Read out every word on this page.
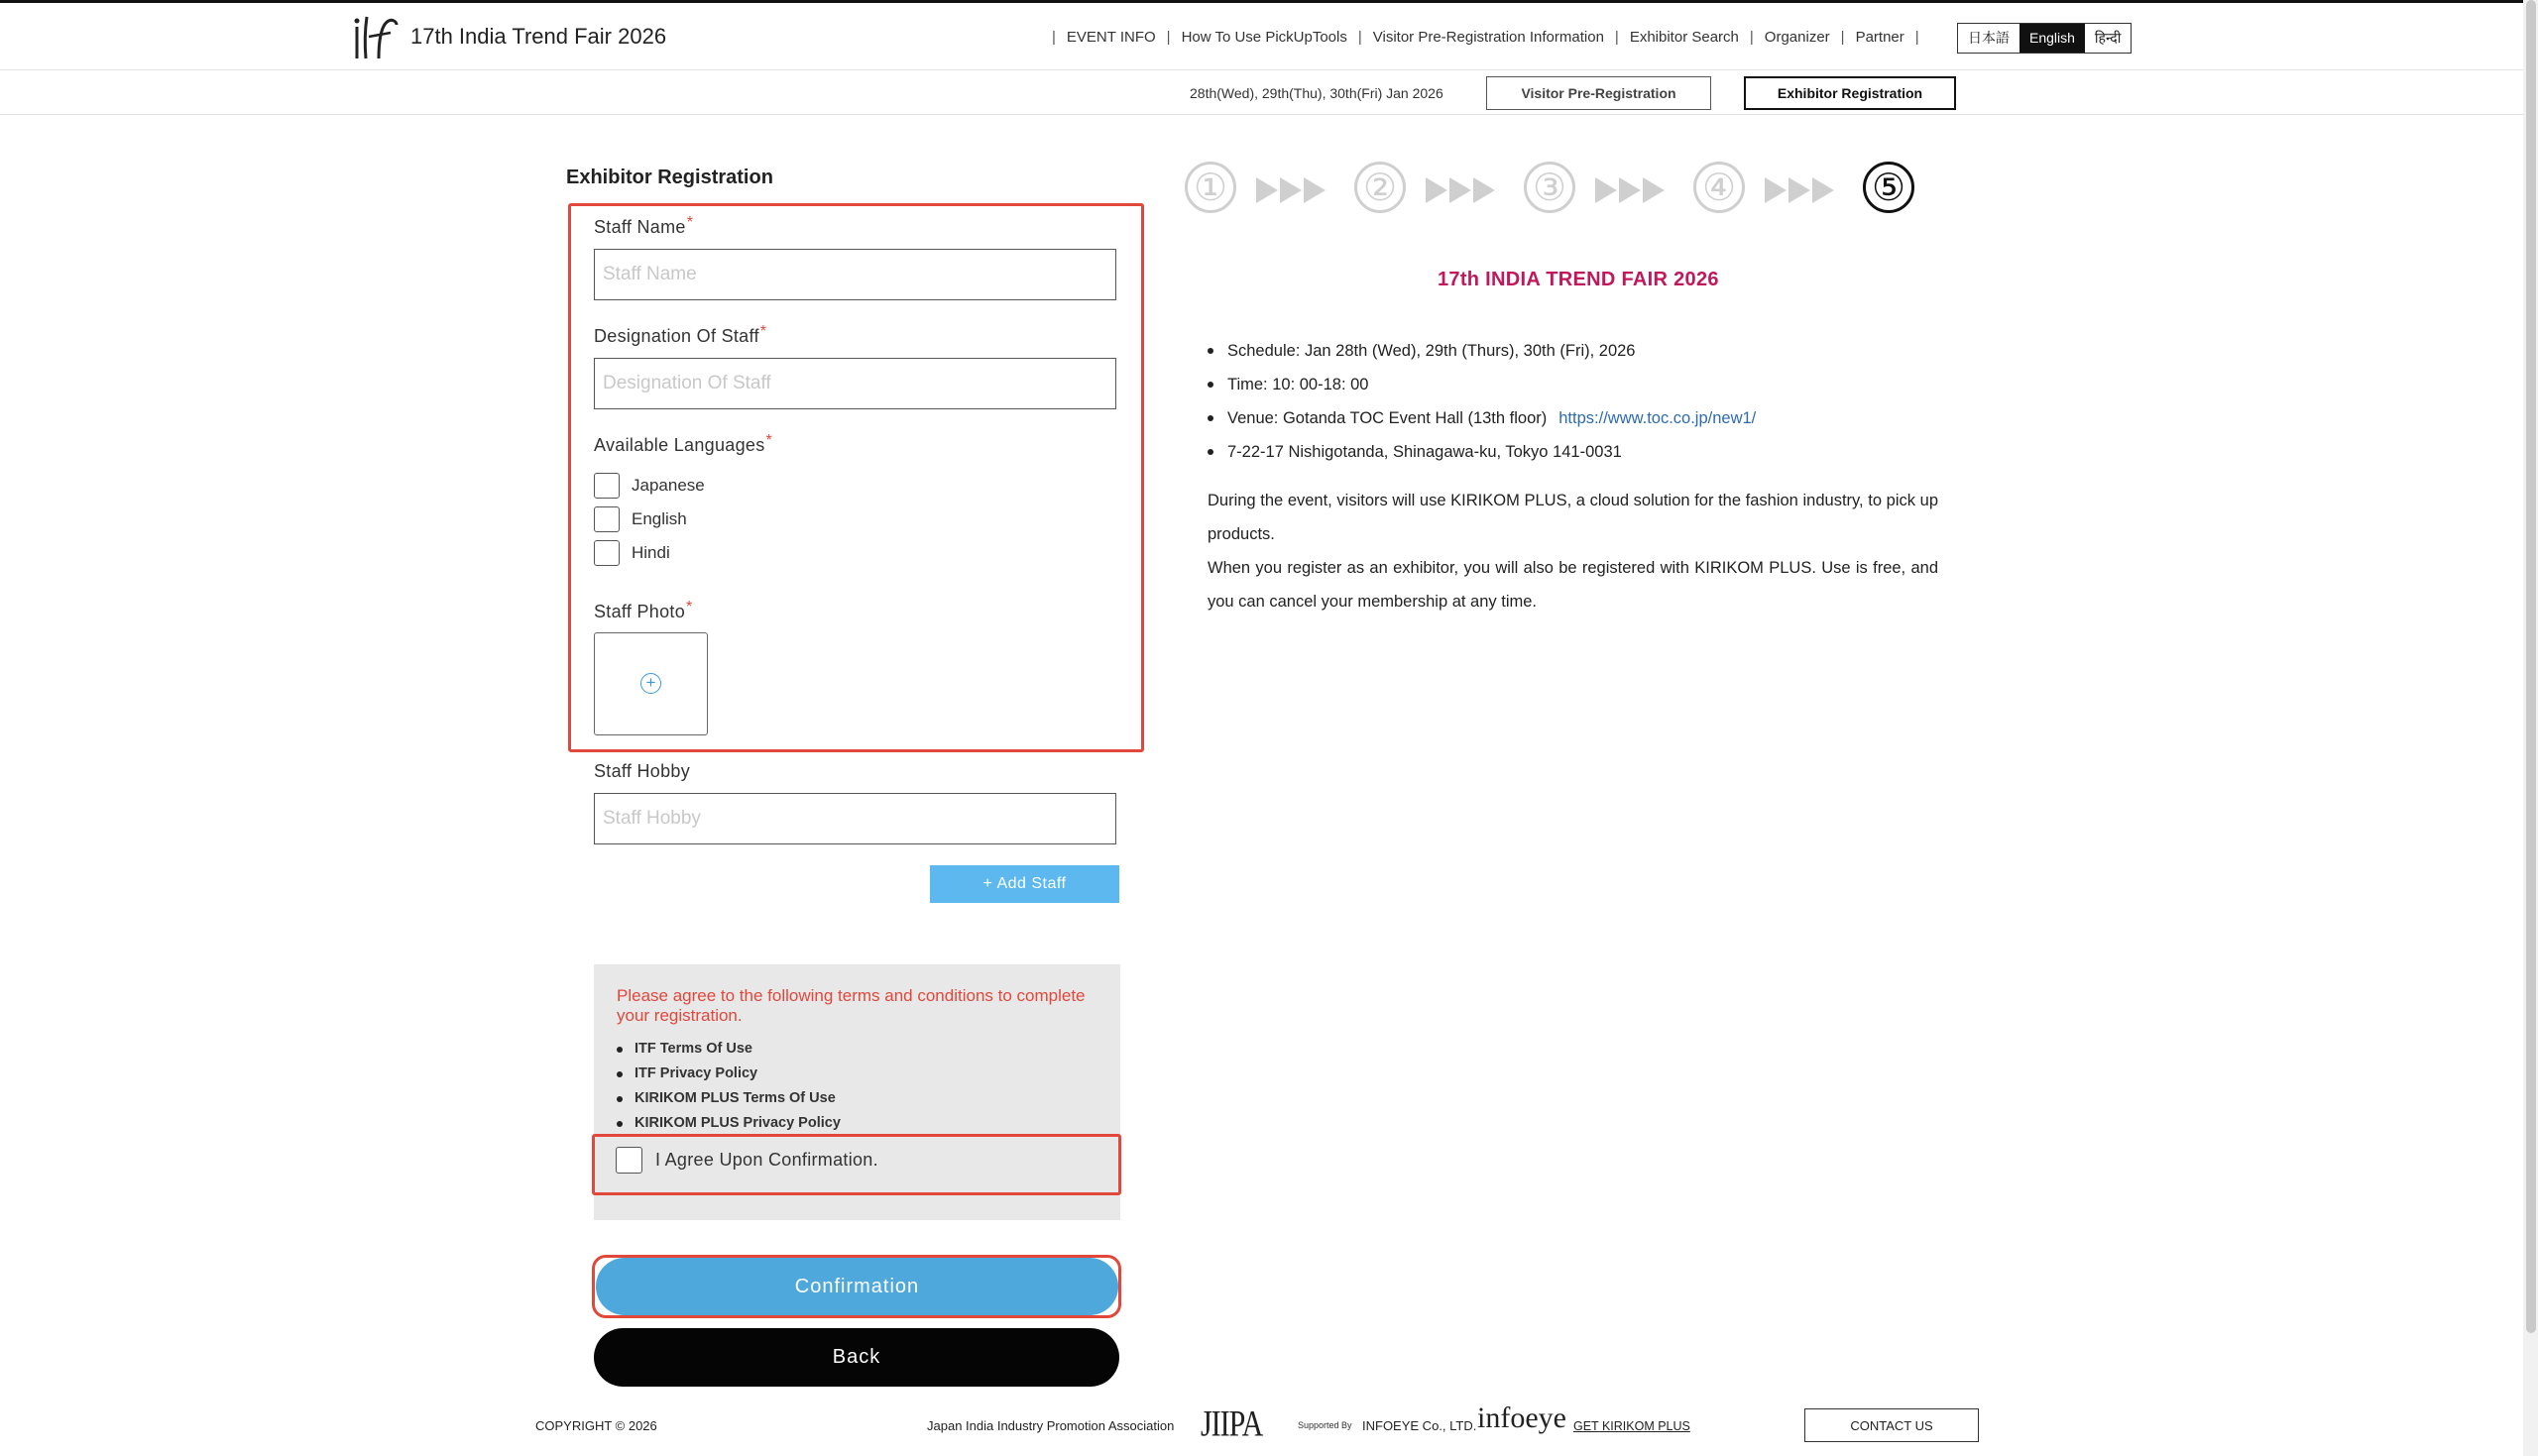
17th India Trend Fair 2026	| EVENT INFO | How To Use PickUpTools | Visitor Pre-Registration Information | Exhibitor Search | Organizer | Partner |	日本語	English	हिन्दी
28th(Wed), 29th(Thu), 30th(Fri) Jan 2026	Visitor Pre-Registration	Exhibitor Registration
Exhibitor Registration
Staff Name*
Staff Name
Designation Of Staff*
Designation Of Staff
Available Languages*
Japanese
English
Hindi
Staff Photo*
+
Staff Hobby
Staff Hobby
+ Add Staff
Please agree to the following terms and conditions to complete your registration.
ITF Terms Of Use
ITF Privacy Policy
KIRIKOM PLUS Terms Of Use
KIRIKOM PLUS Privacy Policy
I Agree Upon Confirmation.
Confirmation
Back
①	②	③	④	⑤
17th INDIA TREND FAIR 2026
Schedule: Jan 28th (Wed), 29th (Thurs), 30th (Fri), 2026
Time: 10: 00-18: 00
Venue: Gotanda TOC Event Hall (13th floor) https://www.toc.co.jp/new1/
7-22-17 Nishigotanda, Shinagawa-ku, Tokyo 141-0031
During the event, visitors will use KIRIKOM PLUS, a cloud solution for the fashion industry, to pick up products.
When you register as an exhibitor, you will also be registered with KIRIKOM PLUS. Use is free, and you can cancel your membership at any time.
COPYRIGHT © 2026	Japan India Industry Promotion Association JIIPA	Supported By INFOEYE Co., LTD. infoeye GET KIRIKOM PLUS	CONTACT US
